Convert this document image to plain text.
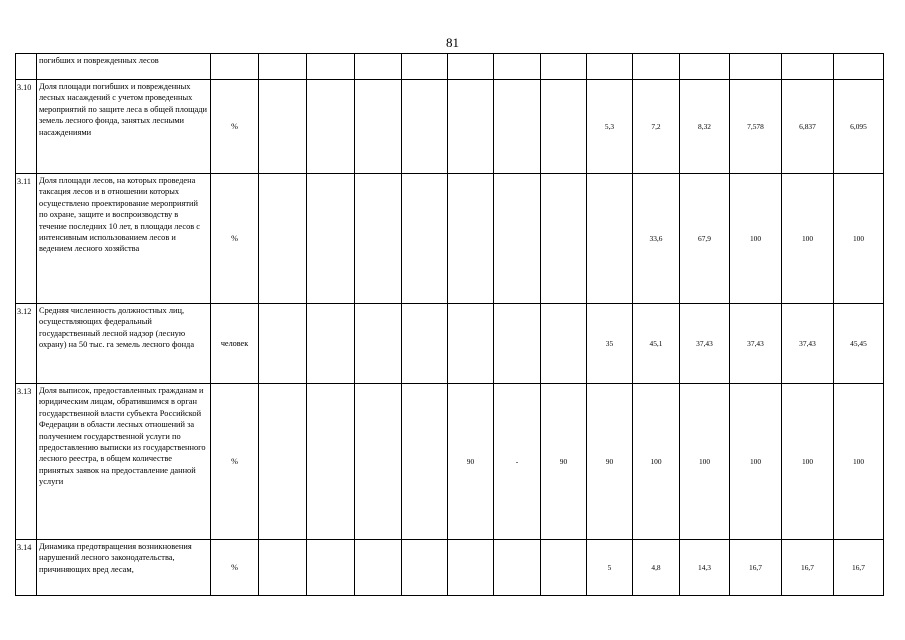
81
	погибших и поврежденных лесов														
3.10	Доля площади погибших и поврежденных лесных насаждений с учетом проведенных мероприятий по защите леса в общей площади земель лесного фонда, занятых лесными насаждениями	%								5,3	7,2	8,32	7,578	6,837	6,095
3.11	Доля площади лесов, на которых проведена таксация лесов и в отношении которых осуществлено проектирование мероприятий по охране, защите и воспроизводству в течение последних 10 лет, в площади лесов с интенсивным использованием лесов и ведением лесного хозяйства	%									33,6	67,9	100	100	100
3.12	Средняя численность должностных лиц, осуществляющих федеральный государственный лесной надзор (лесную охрану) на 50 тыс. га земель лесного фонда	человек								35	45,1	37,43	37,43	37,43	45,45
3.13	Доля выписок, предоставленных гражданам и юридическим лицам, обратившимся в орган государственной власти субъекта Российской Федерации в области лесных отношений за получением государственной услуги по предоставлению выписки из государственного лесного реестра, в общем количестве принятых заявок на предоставление данной услуги	%					90	-	90	90	100	100	100	100	100
3.14	Динамика предотвращения возникновения нарушений лесного законодательства, причиняющих вред лесам,	%								5	4,8	14,3	16,7	16,7	16,7
